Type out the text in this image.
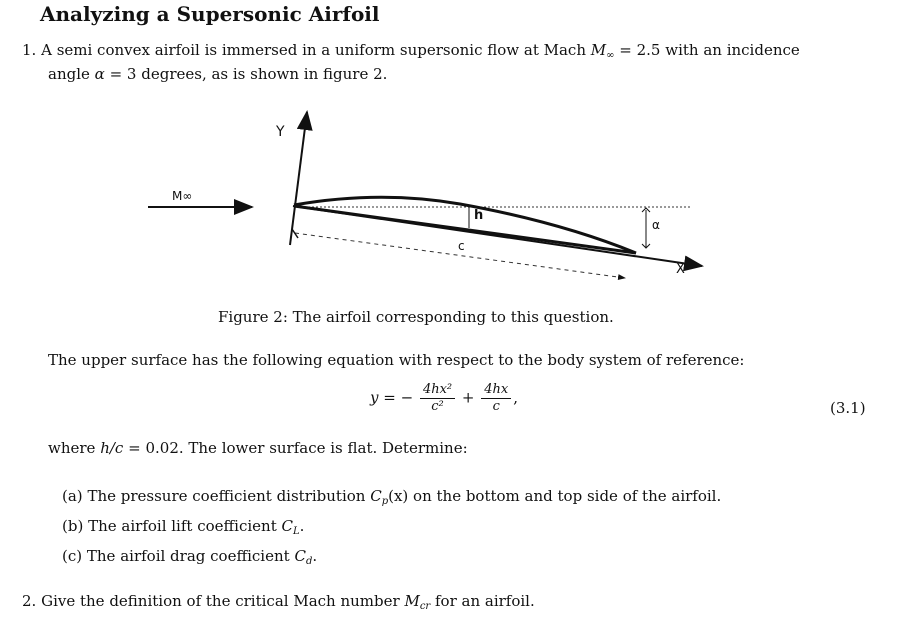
Analyzing a Supersonic Airfoil
1. A semi convex airfoil is immersed in a uniform supersonic flow at Mach $M_\infty = 2.5$ with an incidence
angle α = 3 degrees, as is shown in figure 2.
Y
X
M∞
h
c
α
Figure 2: The airfoil corresponding to this question.
The upper surface has the following equation with respect to the body system of reference:
y = − $\frac{\text{4hx²}}{\text{c²}} + \frac{4hx}{c}$ ,
(3.1)
where h/c = 0.02. The lower surface is flat. Determine:
(a) The pressure coefficient distribution $C_p(x)$ on the bottom and top side of the airfoil.
(b) The airfoil lift coefficient $C_L$.
(c) The airfoil drag coefficient $C_d$.
2. Give the definition of the critical Mach number $M_{cr}$ for an airfoil.
